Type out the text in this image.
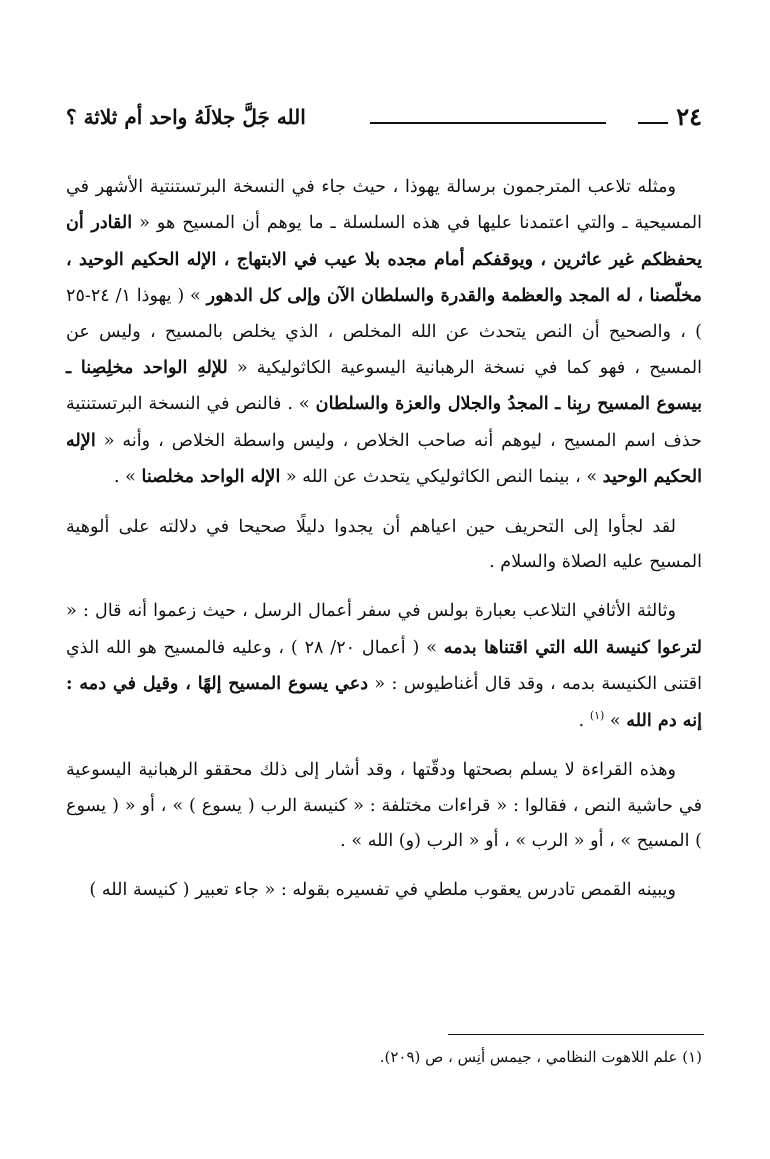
٢٤
الله جَلَّ جلالَهُ واحد أم ثلاثة ؟

ومثله تلاعب المترجمون برسالة يهوذا ، حيث جاء في النسخة البرتستنتية الأشهر في المسيحية ـ والتي اعتمدنا عليها في هذه السلسلة ـ ما يوهم أن المسيح هو « القادر أن يحفظكم غير عاثرين ، ويوقفكم أمام مجده بلا عيب في الابتهاج ، الإله الحكيم الوحيد ، مخلّصنا ، له المجد والعظمة والقدرة والسلطان الآن وإلى كل الدهور » ( يهوذا ١/ ٢٤-٢٥ ) ، والصحيح أن النص يتحدث عن الله المخلص ، الذي يخلص بالمسيح ، وليس عن المسيح ، فهو كما في نسخة الرهبانية اليسوعية الكاثوليكية « للإلهِ الواحد مخلِصِنا ـ بيسوع المسيح ربِنا ـ المجدُ والجلال والعزة والسلطان » . فالنص في النسخة البرتستنتية حذف اسم المسيح ، ليوهم أنه صاحب الخلاص ، وليس واسطة الخلاص ، وأنه « الإله الحكيم الوحيد » ، بينما النص الكاثوليكي يتحدث عن الله « الإله الواحد مخلصنا » .

لقد لجأوا إلى التحريف حين اعياهم أن يجدوا دليلًا صحيحا في دلالته على ألوهية المسيح عليه الصلاة والسلام .

وثالثة الأثافي التلاعب بعبارة بولس في سفر أعمال الرسل ، حيث زعموا أنه قال : « لترعوا كنيسة الله التي اقتناها بدمه » ( أعمال ٢٠/ ٢٨ ) ، وعليه فالمسيح هو الله الذي اقتنى الكنيسة بدمه ، وقد قال أغناطيوس : « دعي يسوع المسيح إلهًا ، وقيل في دمه : إنه دم الله » $^{(١)}$ .

وهذه القراءة لا يسلم بصحتها ودقّتها ، وقد أشار إلى ذلك محققو الرهبانية اليسوعية في حاشية النص ، فقالوا : « قراءات مختلفة : « كنيسة الرب ( يسوع ) » ، أو « ( يسوع ) المسيح » ، أو « الرب » ، أو « الرب (و) الله » .

ويبينه القمص تادرس يعقوب ملطي في تفسيره بقوله : « جاء تعبير ( كنيسة الله )

(١) علم اللاهوت النظامي ، جيمس أنِس ، ص (٢٠٩).
